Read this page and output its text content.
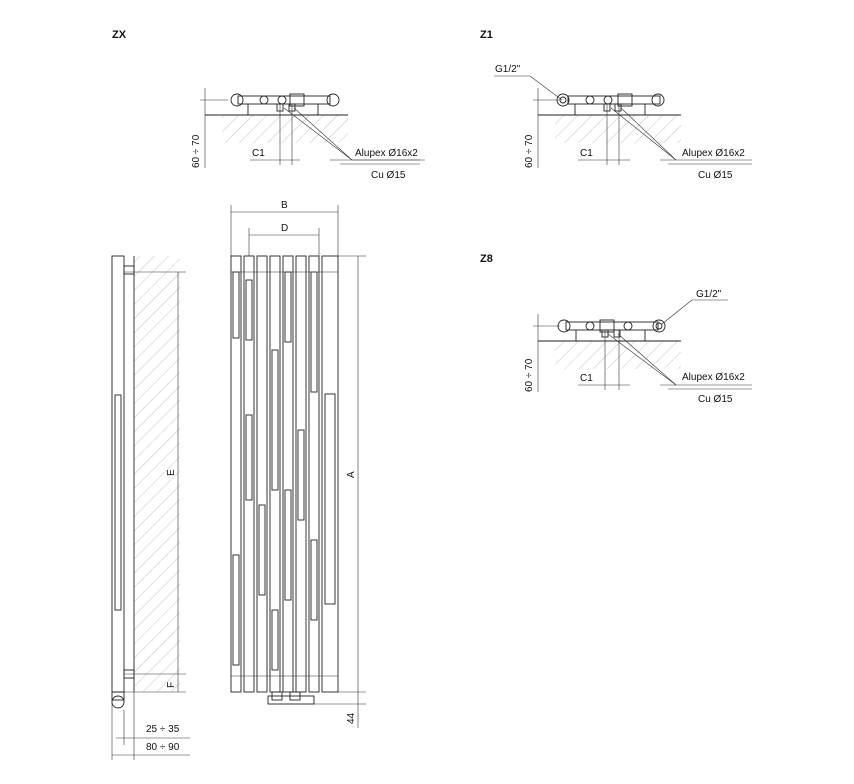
ZX
60 ÷ 70	C1	Alupex Ø16x2
Cu Ø15
Z1
G1/2"
60 ÷ 70	C1	Alupex Ø16x2
Cu Ø15
Z8
G1/2"
60 ÷ 70	C1	Alupex Ø16x2
Cu Ø15
E
F
25 ÷ 35
80 ÷ 90
B
D
A
44
